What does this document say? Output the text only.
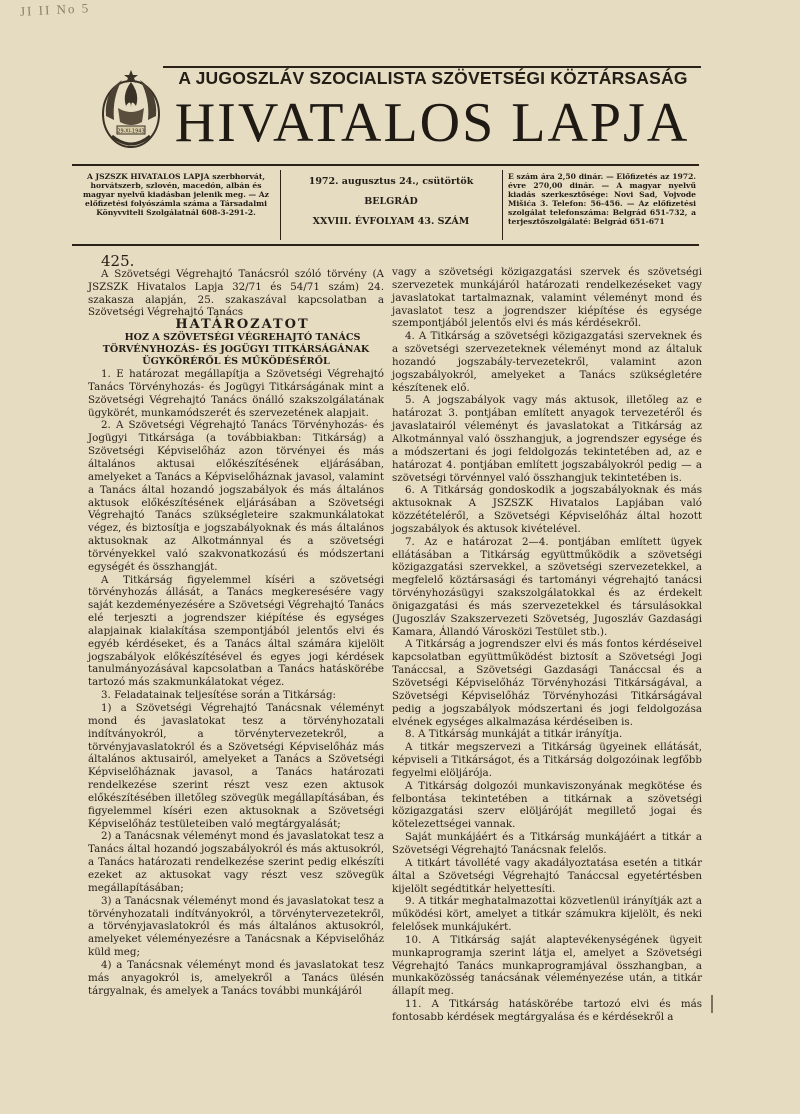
JI II No 5
29-XI-1943
A JUGOSZLÁV SZOCIALISTA SZÖVETSÉGI KÖZTÁRSASÁG
HIVATALOS LAPJA
A JSZSZK HIVATALOS LAPJA szerbhorvát, horvátszerb, szlovén, macedón, albán és magyar nyelvű kiadásban jelenik meg. — Az előfizetési folyószámla száma a Társadalmi Könyvviteli Szolgálatnál 608-3-291-2.
1972. augusztus 24., csütörtök
BELGRÁD
XXVIII. ÉVFOLYAM 43. SZÁM
E szám ára 2,50 dinár. — Előfizetés az 1972. évre 270,00 dinár. — A magyar nyelvű kiadás szerkesztősége: Novi Sad, Vojvode Mišića 3. Telefon: 56-456. — Az előfizetési szolgálat telefonszáma: Belgrád 651-732, a terjesztőszolgálaté: Belgrád 651-671

425.

A Szövetségi Végrehajtó Tanácsról szóló törvény (A JSZSZK Hivatalos Lapja 32/71 és 54/71 szám) 24. szakasza alapján, 25. szakaszával kapcsolatban a Szövetségi Végrehajtó Tanács

HATÁROZATOT

HOZ A SZÖVETSÉGI VÉGREHAJTÓ TANÁCS TÖRVÉNYHOZÁS- ÉS JOGÜGYI TITKÁRSÁGÁNAK ÜGYKÖRÉRŐL ÉS MŰKÖDÉSÉRŐL

1. E határozat megállapítja a Szövetségi Végrehajtó Tanács Törvényhozás- és Jogügyi Titkárságának mint a Szövetségi Végrehajtó Tanács önálló szakszolgálatának ügykörét, munkamódszerét és szervezetének alapjait.

2. A Szövetségi Végrehajtó Tanács Törvényhozás- és Jogügyi Titkársága (a továbbiakban: Titkárság) a Szövetségi Képviselőház azon törvényei és más általános aktusai előkészítésének eljárásában, amelyeket a Tanács a Képviselőháznak javasol, valamint a Tanács által hozandó jogszabályok és más általános aktusok előkészítésének eljárásában a Szövetségi Végrehajtó Tanács szükségleteire szakmunkálatokat végez, és biztosítja e jogszabályoknak és más általános aktusoknak az Alkotmánnyal és a szövetségi törvényekkel való szakvonatkozású és módszertani egységét és összhangját.

A Titkárság figyelemmel kíséri a szövetségi törvényhozás állását, a Tanács megkeresésére vagy saját kezdeményezésére a Szövetségi Végrehajtó Tanács elé terjeszti a jogrendszer kiépítése és egységes alapjainak kialakítása szempontjából jelentős elvi és egyéb kérdéseket, és a Tanács által számára kijelölt jogszabályok előkészítésével és egyes jogi kérdések tanulmányozásával kapcsolatban a Tanács hatáskörébe tartozó más szakmunkálatokat végez.

3. Feladatainak teljesítése során a Titkárság:

1) a Szövetségi Végrehajtó Tanácsnak véleményt mond és javaslatokat tesz a törvényhozatali indítványokról, a törvénytervezetekről, a törvényjavaslatokról és a Szövetségi Képviselőház más általános aktusairól, amelyeket a Tanács a Szövetségi Képviselőháznak javasol, a Tanács határozati rendelkezése szerint részt vesz ezen aktusok előkészítésében illetőleg szövegük megállapításában, és figyelemmel kíséri ezen aktusoknak a Szövetségi Képviselőház testületeiben való megtárgyalását;

2) a Tanácsnak véleményt mond és javaslatokat tesz a Tanács által hozandó jogszabályokról és más aktusokról, a Tanács határozati rendelkezése szerint pedig elkészíti ezeket az aktusokat vagy részt vesz szövegük megállapításában;

3) a Tanácsnak véleményt mond és javaslatokat tesz a törvényhozatali indítványokról, a törvénytervezetekről, a törvényjavaslatokról és más általános aktusokról, amelyeket véleményezésre a Tanácsnak a Képviselőház küld meg;

4) a Tanácsnak véleményt mond és javaslatokat tesz más anyagokról is, amelyekről a Tanács ülésén tárgyalnak, és amelyek a Tanács további munkájáról

vagy a szövetségi közigazgatási szervek és szövetségi szervezetek munkájáról határozati rendelkezéseket vagy javaslatokat tartalmaznak, valamint véleményt mond és javaslatot tesz a jogrendszer kiépítése és egysége szempontjából jelentős elvi és más kérdésekről.

4. A Titkárság a szövetségi közigazgatási szerveknek és a szövetségi szervezeteknek véleményt mond az általuk hozandó jogszabály-tervezetekről, valamint azon jogszabályokról, amelyeket a Tanács szükségletére készítenek elő.

5. A jogszabályok vagy más aktusok, illetőleg az e határozat 3. pontjában említett anyagok tervezetéről és javaslatairól véleményt és javaslatokat a Titkárság az Alkotmánnyal való összhangjuk, a jogrendszer egysége és a módszertani és jogi feldolgozás tekintetében ad, az e határozat 4. pontjában említett jogszabályokról pedig — a szövetségi törvénnyel való összhangjuk tekintetében is.

6. A Titkárság gondoskodik a jogszabályoknak és más aktusoknak A JSZSZK Hivatalos Lapjában való közzétételéről, a Szövetségi Képviselőház által hozott jogszabályok és aktusok kivételével.

7. Az e határozat 2—4. pontjában említett ügyek ellátásában a Titkárság együttműködik a szövetségi közigazgatási szervekkel, a szövetségi szervezetekkel, a megfelelő köztársasági és tartományi végrehajtó tanácsi törvényhozásügyi szakszolgálatokkal és az érdekelt önigazgatási és más szervezetekkel és társulásokkal (Jugoszláv Szakszervezeti Szövetség, Jugoszláv Gazdasági Kamara, Állandó Városközi Testület stb.).

A Titkárság a jogrendszer elvi és más fontos kérdéseivel kapcsolatban együttműködést biztosít a Szövetségi Jogi Tanáccsal, a Szövetségi Gazdasági Tanáccsal és a Szövetségi Képviselőház Törvényhozási Titkárságával, a Szövetségi Képviselőház Törvényhozási Titkárságával pedig a jogszabályok módszertani és jogi feldolgozása elvének egységes alkalmazása kérdéseiben is.

8. A Titkárság munkáját a titkár irányítja.

A titkár megszervezi a Titkárság ügyeinek ellátását, képviseli a Titkárságot, és a Titkárság dolgozóinak legfőbb fegyelmi elöljárója.

A Titkárság dolgozói munkaviszonyának megkötése és felbontása tekintetében a titkárnak a szövetségi közigazgatási szerv elöljáróját megillető jogai és kötelezettségei vannak.

Saját munkájáért és a Titkárság munkájáért a titkár a Szövetségi Végrehajtó Tanácsnak felelős.

A titkárt távollété vagy akadályoztatása esetén a titkár által a Szövetségi Végrehajtó Tanáccsal egyetértésben kijelölt segédtitkár helyettesíti.

9. A titkár meghatalmazottai közvetlenül irányítják azt a működési kört, amelyet a titkár számukra kijelölt, és neki felelősek munkájukért.

10. A Titkárság saját alaptevékenységének ügyeit munkaprogramja szerint látja el, amelyet a Szövetségi Végrehajtó Tanács munkaprogramjával összhangban, a munkaközösség tanácsának véleményezése után, a titkár állapít meg.

11. A Titkárság hatáskörébe tartozó elvi és más fontosabb kérdések megtárgyalása és e kérdésekről a
